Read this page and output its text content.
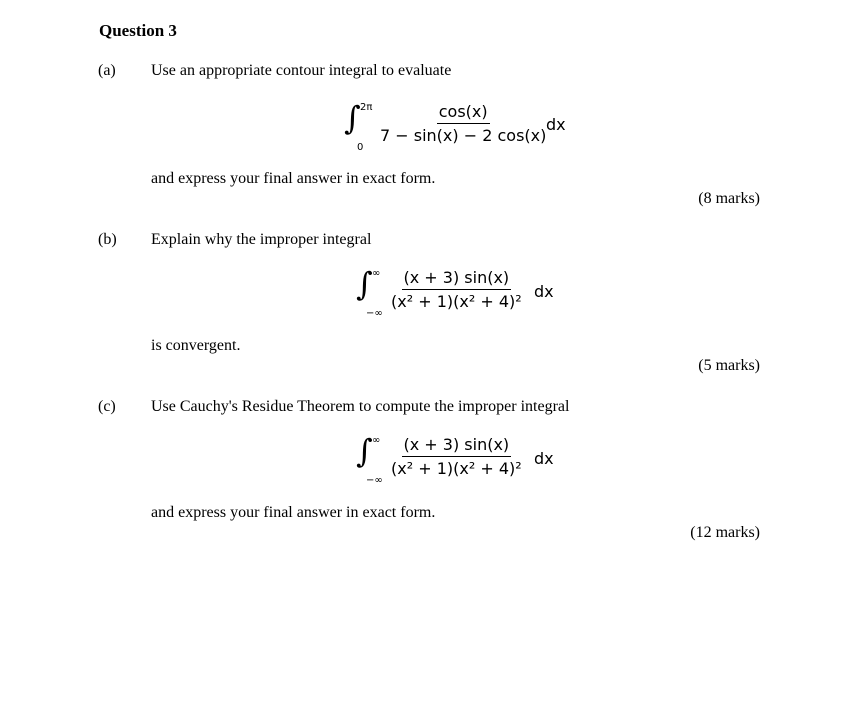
Question 3
(a) Use an appropriate contour integral to evaluate
∫ 2π
0
$\frac{\cos(x)}{7 - \sin(x) - 2 \cos(x)}$
dx
and express your final answer in exact form.
(8 marks)
(b) Explain why the improper integral
∫ ∞
−∞
$\frac{(x + 3) \sin(x)}{\text{(x² + 1)(x² + 4)²}}$ dx
is convergent.
(5 marks)
(c) Use Cauchy's Residue Theorem to compute the improper integral
∫ ∞
−∞
$\frac{(x + 3) \sin(x)}{\text{(x² + 1)(x² + 4)²}}$ dx
and express your final answer in exact form.
(12 marks)
